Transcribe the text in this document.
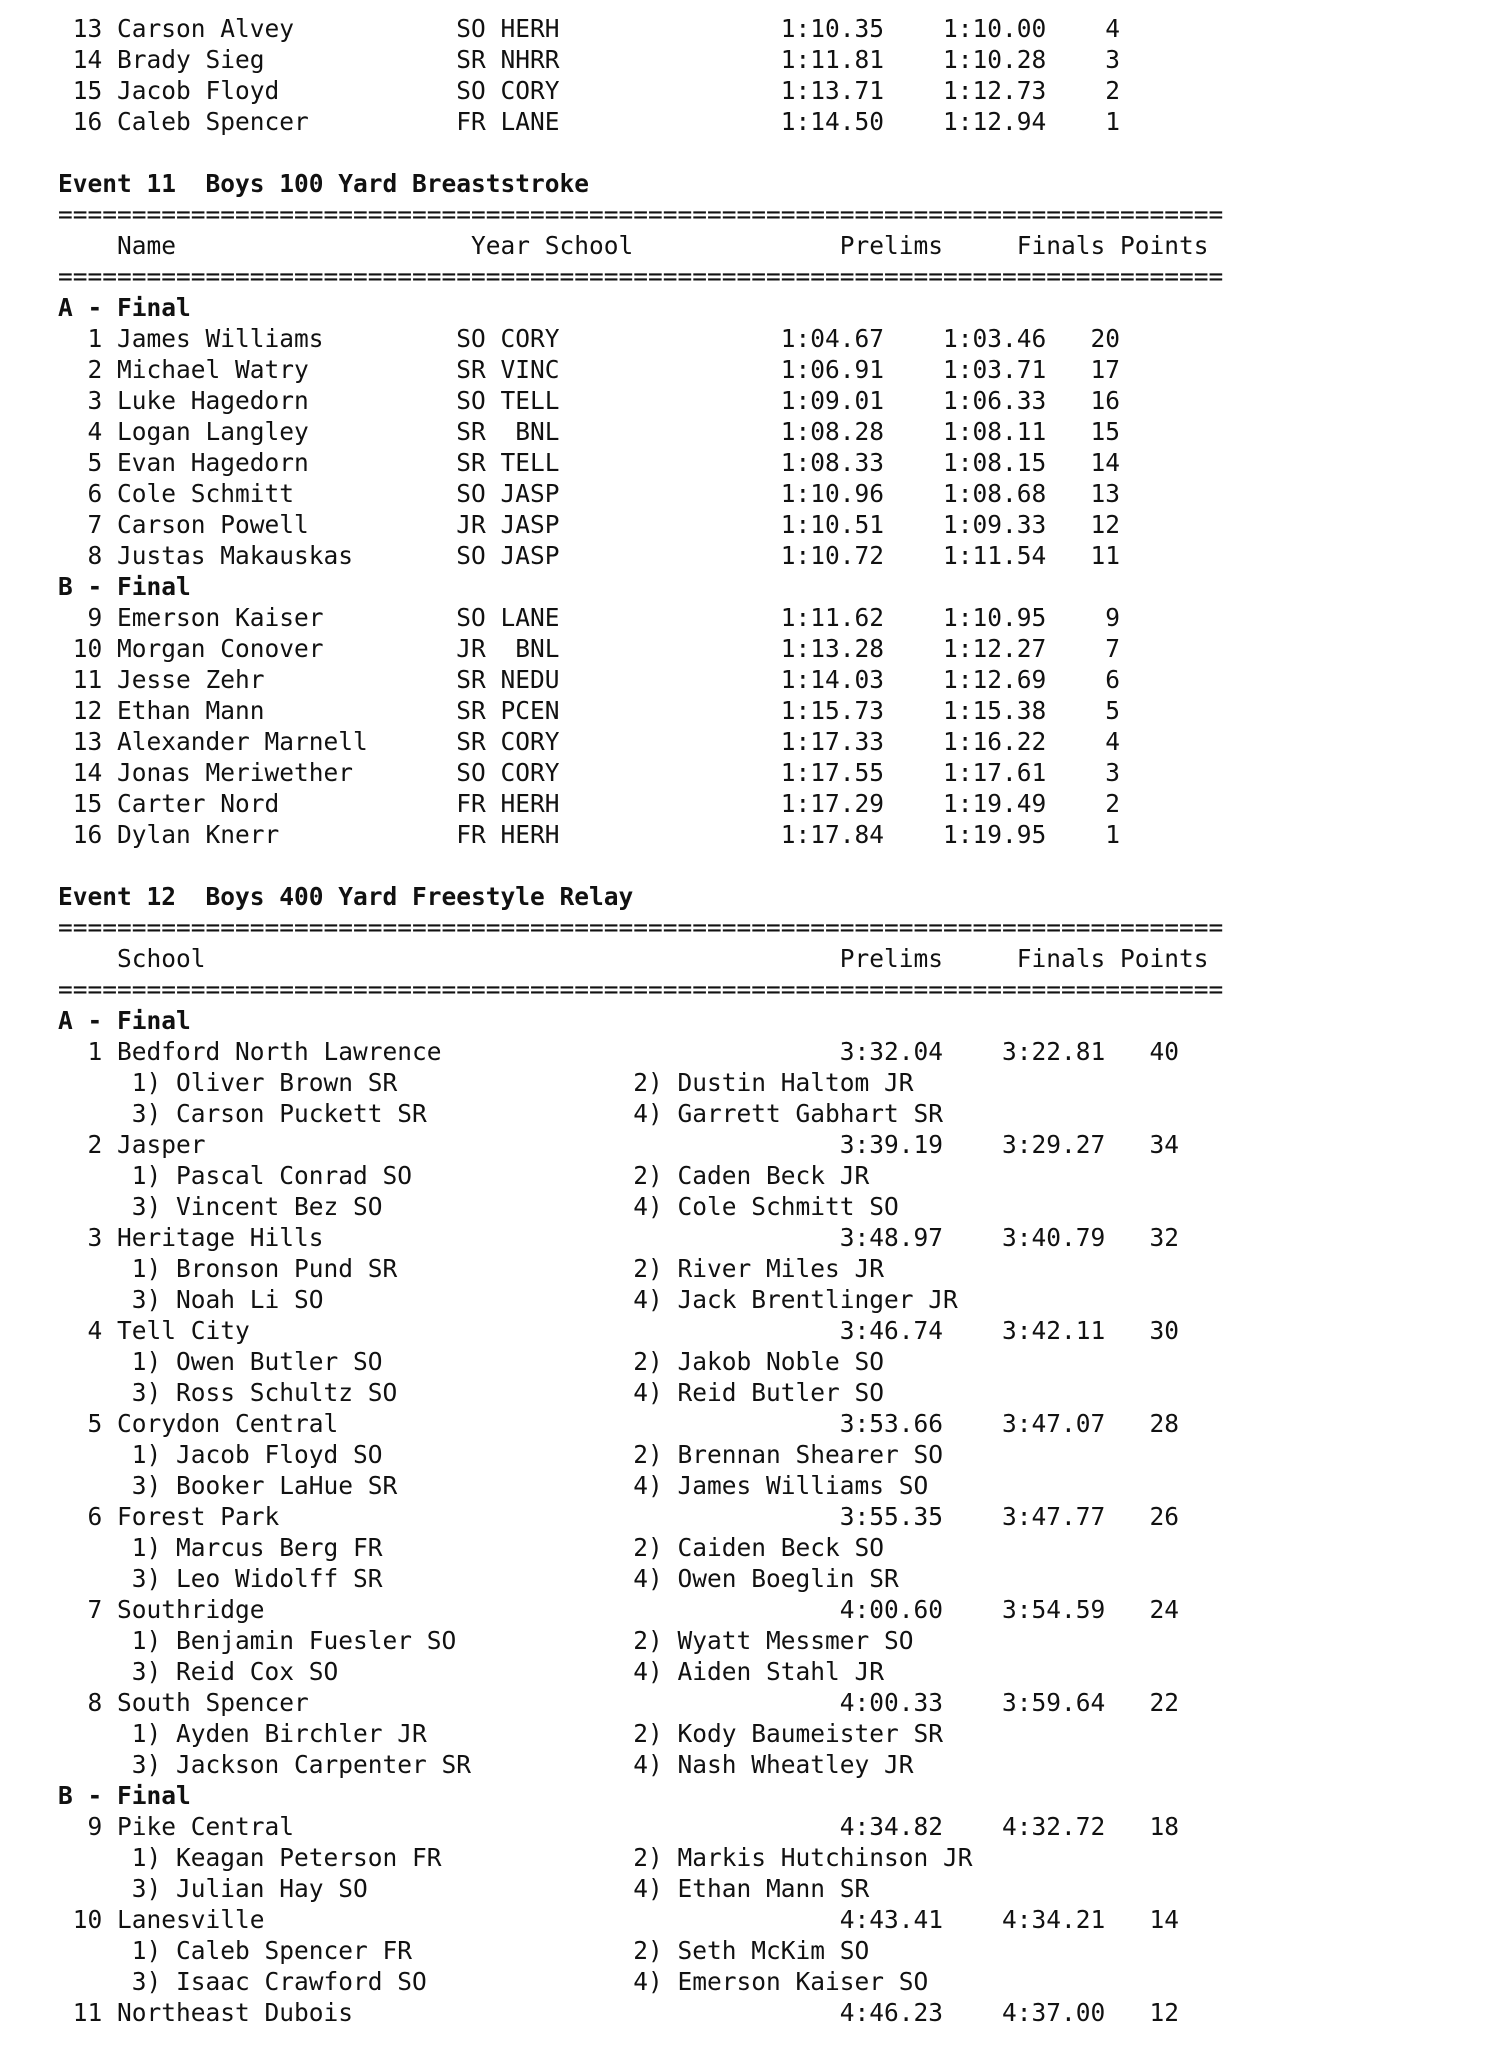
13 Carson Alvey           SO HERH               1:10.35    1:10.00    4
14 Brady Sieg             SR NHRR               1:11.81    1:10.28    3
15 Jacob Floyd            SO CORY               1:13.71    1:12.73    2
16 Caleb Spencer          FR LANE               1:14.50    1:12.94    1
Event 11  Boys 100 Yard Breaststroke
===============================================================================
Name                    Year School              Prelims     Finals Points
===============================================================================
A - Final
1 James Williams         SO CORY               1:04.67    1:03.46   20
2 Michael Watry          SR VINC               1:06.91    1:03.71   17
3 Luke Hagedorn          SO TELL               1:09.01    1:06.33   16
4 Logan Langley          SR  BNL               1:08.28    1:08.11   15
5 Evan Hagedorn          SR TELL               1:08.33    1:08.15   14
6 Cole Schmitt           SO JASP               1:10.96    1:08.68   13
7 Carson Powell          JR JASP               1:10.51    1:09.33   12
8 Justas Makauskas       SO JASP               1:10.72    1:11.54   11
B - Final
9 Emerson Kaiser         SO LANE               1:11.62    1:10.95    9
10 Morgan Conover         JR  BNL               1:13.28    1:12.27    7
11 Jesse Zehr             SR NEDU               1:14.03    1:12.69    6
12 Ethan Mann             SR PCEN               1:15.73    1:15.38    5
13 Alexander Marnell      SR CORY               1:17.33    1:16.22    4
14 Jonas Meriwether       SO CORY               1:17.55    1:17.61    3
15 Carter Nord            FR HERH               1:17.29    1:19.49    2
16 Dylan Knerr            FR HERH               1:17.84    1:19.95    1
Event 12  Boys 400 Yard Freestyle Relay
===============================================================================
School                                           Prelims     Finals Points
===============================================================================
A - Final
1 Bedford North Lawrence                           3:32.04    3:22.81   40
1) Oliver Brown SR                2) Dustin Haltom JR
3) Carson Puckett SR              4) Garrett Gabhart SR
2 Jasper                                           3:39.19    3:29.27   34
1) Pascal Conrad SO               2) Caden Beck JR
3) Vincent Bez SO                 4) Cole Schmitt SO
3 Heritage Hills                                   3:48.97    3:40.79   32
1) Bronson Pund SR                2) River Miles JR
3) Noah Li SO                     4) Jack Brentlinger JR
4 Tell City                                        3:46.74    3:42.11   30
1) Owen Butler SO                 2) Jakob Noble SO
3) Ross Schultz SO                4) Reid Butler SO
5 Corydon Central                                  3:53.66    3:47.07   28
1) Jacob Floyd SO                 2) Brennan Shearer SO
3) Booker LaHue SR                4) James Williams SO
6 Forest Park                                      3:55.35    3:47.77   26
1) Marcus Berg FR                 2) Caiden Beck SO
3) Leo Widolff SR                 4) Owen Boeglin SR
7 Southridge                                       4:00.60    3:54.59   24
1) Benjamin Fuesler SO            2) Wyatt Messmer SO
3) Reid Cox SO                    4) Aiden Stahl JR
8 South Spencer                                    4:00.33    3:59.64   22
1) Ayden Birchler JR              2) Kody Baumeister SR
3) Jackson Carpenter SR           4) Nash Wheatley JR
B - Final
9 Pike Central                                     4:34.82    4:32.72   18
1) Keagan Peterson FR             2) Markis Hutchinson JR
3) Julian Hay SO                  4) Ethan Mann SR
10 Lanesville                                       4:43.41    4:34.21   14
1) Caleb Spencer FR               2) Seth McKim SO
3) Isaac Crawford SO              4) Emerson Kaiser SO
11 Northeast Dubois                                 4:46.23    4:37.00   12
